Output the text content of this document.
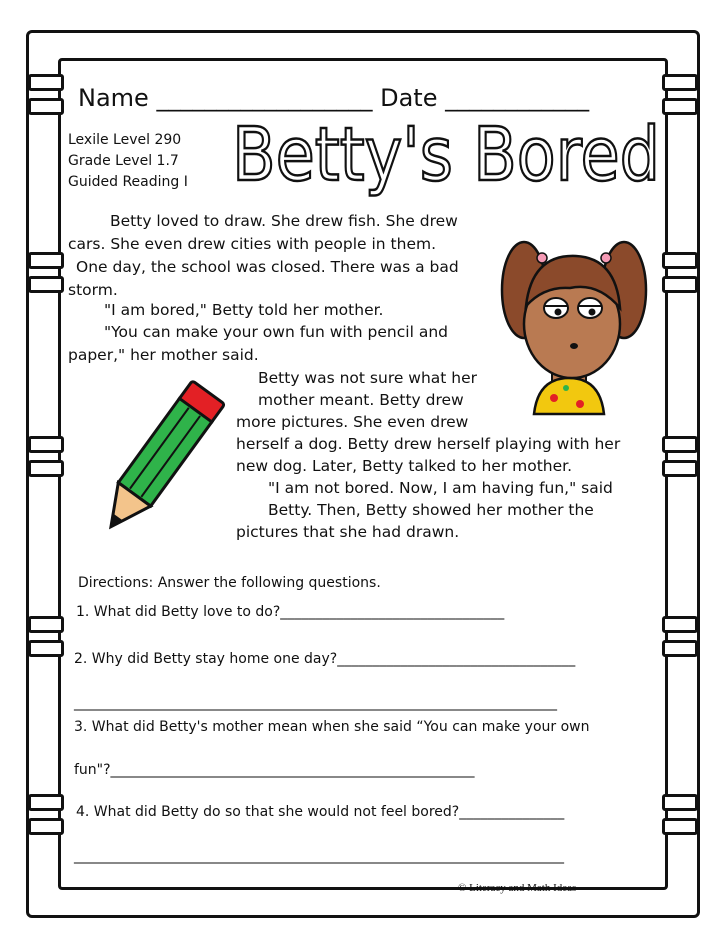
Name __________________ Date ____________
Lexile Level 290
Grade Level 1.7
Guided Reading I Betty's Bored
Betty loved to draw. She drew fish. She drew
cars. She even drew cities with people in them.
One day, the school was closed. There was a bad
storm.
"I am bored," Betty told her mother.
"You can make your own fun with pencil and
paper," her mother said.
Betty was not sure what her
mother meant. Betty drew
more pictures. She even drew
herself a dog. Betty drew herself playing with her
new dog. Later, Betty talked to her mother.
"I am not bored. Now, I am having fun," said
Betty. Then, Betty showed her mother the
pictures that she had drawn.
Directions: Answer the following questions.
1. What did Betty love to do?________________________________
2. Why did Betty stay home one day?__________________________________
_____________________________________________________________________
3. What did Betty's mother mean when she said “You can make your own
fun"?____________________________________________________
4. What did Betty do so that she would not feel bored?_______________
______________________________________________________________________
© Literacy and Math Ideas
